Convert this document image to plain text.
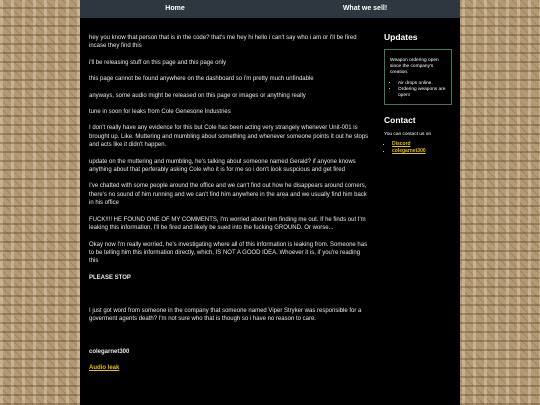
Home	What we sell!

hey you know that person that is in the code? that's me hey hi hello i can't say who i am or i'll be fired incase they find this

i'll be releasing stuff on this page and this page only

this page cannot be found anywhere on the dashboard so i'm pretty much unfindable

anyways, some audio might be released on this page or images or anything really

tune in soon for leaks from Cole Genesone Industries

I don't really have any evidence for this but Cole has been acting very strangely whenever Unit-001 is brought up. Like. Muttering and mumbling about something and whenever someone points it out he stops and acts like it didn't happen.

update on the muttering and mumbling, he's talking about someone named Gerald? if anyone knows anything about that perferably asking Cole who it is for me so i don't look suspcious and get fired

I've chatted with some people around the office and we can't find out how he disappears around corners, there's no sound of him running and we can't find him anywhere in the area and we usually find him back in his office

FUCK!!!! HE FOUND ONE OF MY COMMENTS, I'm worried about him finding me out. If he finds out I'm leaking this information, I'll be fired and likely be sued into the fucking GROUND. Or worse...

Okay now I'm really worried, he's investigating where all of this information is leaking from. Someone has to be telling him this information directly, which, IS NOT A GOOD IDEA. Whoever it is, if you're reading this

PLEASE STOP

I just got word from someone in the company that someone named Viper Stryker was responsible for a goverment agents death? I'm not sure who that is though so i have no reason to care.

colegarnet300

Audio leak

Updates

Weapon ordering open since the company's creation.

• Air drops online.
• Ordering weapons are open!
Contact

You can contact us on

• Discord
• colegarnet300
